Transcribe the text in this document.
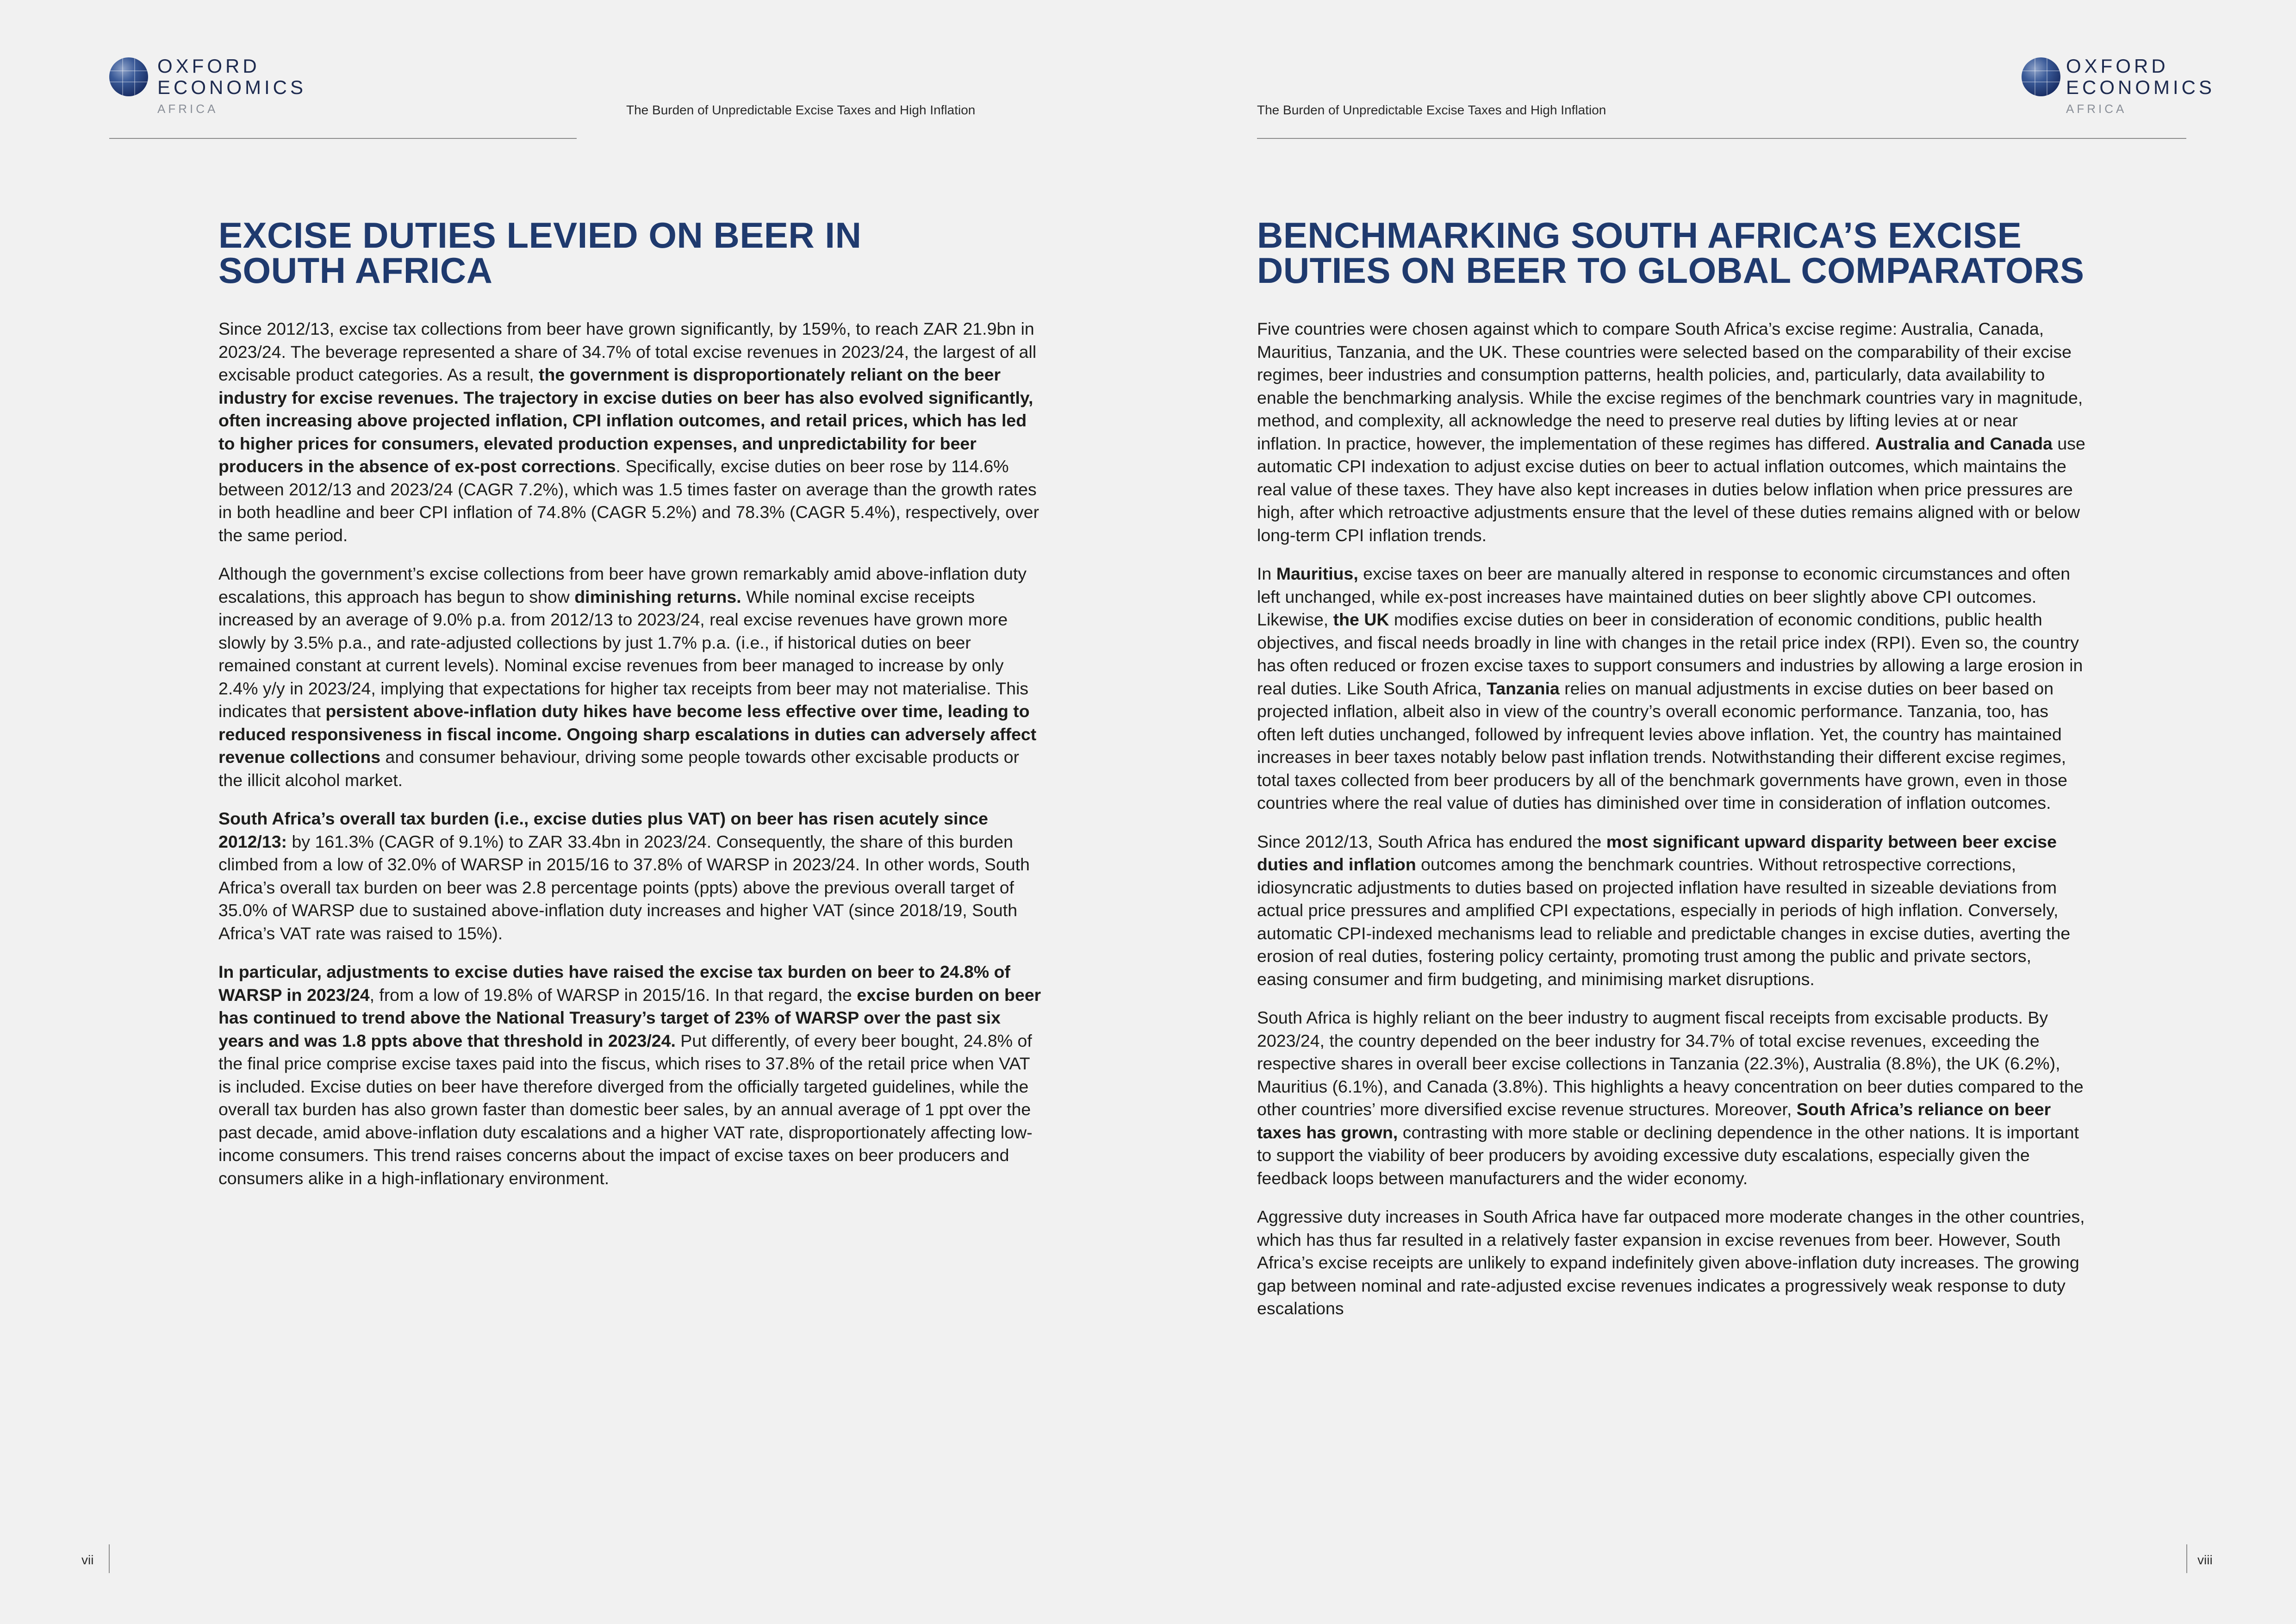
OXFORD
ECONOMICS
AFRICA	The Burden of Unpredictable Excise Taxes and High Inflation	The Burden of Unpredictable Excise Taxes and High Inflation
OXFORD
ECONOMICS
AFRICA
EXCISE DUTIES LEVIED ON BEER IN SOUTH AFRICA

Since 2012/13, excise tax collections from beer have grown significantly, by 159%, to reach ZAR 21.9bn in 2023/24. The beverage represented a share of 34.7% of total excise revenues in 2023/24, the largest of all excisable product categories. As a result, the government is disproportionately reliant on the beer industry for excise revenues. The trajectory in excise duties on beer has also evolved significantly, often increasing above projected inflation, CPI inflation outcomes, and retail prices, which has led to higher prices for consumers, elevated production expenses, and unpredictability for beer producers in the absence of ex-post corrections. Specifically, excise duties on beer rose by 114.6% between 2012/13 and 2023/24 (CAGR 7.2%), which was 1.5 times faster on average than the growth rates in both headline and beer CPI inflation of 74.8% (CAGR 5.2%) and 78.3% (CAGR 5.4%), respectively, over the same period.

Although the government’s excise collections from beer have grown remarkably amid above-inflation duty escalations, this approach has begun to show diminishing returns. While nominal excise receipts increased by an average of 9.0% p.a. from 2012/13 to 2023/24, real excise revenues have grown more slowly by 3.5% p.a., and rate-adjusted collections by just 1.7% p.a. (i.e., if historical duties on beer remained constant at current levels). Nominal excise revenues from beer managed to increase by only 2.4% y/y in 2023/24, implying that expectations for higher tax receipts from beer may not materialise. This indicates that persistent above-inflation duty hikes have become less effective over time, leading to reduced responsiveness in fiscal income. Ongoing sharp escalations in duties can adversely affect revenue collections and consumer behaviour, driving some people towards other excisable products or the illicit alcohol market.

South Africa’s overall tax burden (i.e., excise duties plus VAT) on beer has risen acutely since 2012/13: by 161.3% (CAGR of 9.1%) to ZAR 33.4bn in 2023/24. Consequently, the share of this burden climbed from a low of 32.0% of WARSP in 2015/16 to 37.8% of WARSP in 2023/24. In other words, South Africa’s overall tax burden on beer was 2.8 percentage points (ppts) above the previous overall target of 35.0% of WARSP due to sustained above-inflation duty increases and higher VAT (since 2018/19, South Africa’s VAT rate was raised to 15%).

In particular, adjustments to excise duties have raised the excise tax burden on beer to 24.8% of WARSP in 2023/24, from a low of 19.8% of WARSP in 2015/16. In that regard, the excise burden on beer has continued to trend above the National Treasury’s target of 23% of WARSP over the past six years and was 1.8 ppts above that threshold in 2023/24. Put differently, of every beer bought, 24.8% of the final price comprise excise taxes paid into the fiscus, which rises to 37.8% of the retail price when VAT is included. Excise duties on beer have therefore diverged from the officially targeted guidelines, while the overall tax burden has also grown faster than domestic beer sales, by an annual average of 1 ppt over the past decade, amid above-inflation duty escalations and a higher VAT rate, disproportionately affecting low-income consumers. This trend raises concerns about the impact of excise taxes on beer producers and consumers alike in a high-inflationary environment.

BENCHMARKING SOUTH AFRICA’S EXCISE DUTIES ON BEER TO GLOBAL COMPARATORS

Five countries were chosen against which to compare South Africa’s excise regime: Australia, Canada, Mauritius, Tanzania, and the UK. These countries were selected based on the comparability of their excise regimes, beer industries and consumption patterns, health policies, and, particularly, data availability to enable the benchmarking analysis. While the excise regimes of the benchmark countries vary in magnitude, method, and complexity, all acknowledge the need to preserve real duties by lifting levies at or near inflation. In practice, however, the implementation of these regimes has differed. Australia and Canada use automatic CPI indexation to adjust excise duties on beer to actual inflation outcomes, which maintains the real value of these taxes. They have also kept increases in duties below inflation when price pressures are high, after which retroactive adjustments ensure that the level of these duties remains aligned with or below long-term CPI inflation trends.

In Mauritius, excise taxes on beer are manually altered in response to economic circumstances and often left unchanged, while ex-post increases have maintained duties on beer slightly above CPI outcomes. Likewise, the UK modifies excise duties on beer in consideration of economic conditions, public health objectives, and fiscal needs broadly in line with changes in the retail price index (RPI). Even so, the country has often reduced or frozen excise taxes to support consumers and industries by allowing a large erosion in real duties. Like South Africa, Tanzania relies on manual adjustments in excise duties on beer based on projected inflation, albeit also in view of the country’s overall economic performance. Tanzania, too, has often left duties unchanged, followed by infrequent levies above inflation. Yet, the country has maintained increases in beer taxes notably below past inflation trends. Notwithstanding their different excise regimes, total taxes collected from beer producers by all of the benchmark governments have grown, even in those countries where the real value of duties has diminished over time in consideration of inflation outcomes.

Since 2012/13, South Africa has endured the most significant upward disparity between beer excise duties and inflation outcomes among the benchmark countries. Without retrospective corrections, idiosyncratic adjustments to duties based on projected inflation have resulted in sizeable deviations from actual price pressures and amplified CPI expectations, especially in periods of high inflation. Conversely, automatic CPI-indexed mechanisms lead to reliable and predictable changes in excise duties, averting the erosion of real duties, fostering policy certainty, promoting trust among the public and private sectors, easing consumer and firm budgeting, and minimising market disruptions.

South Africa is highly reliant on the beer industry to augment fiscal receipts from excisable products. By 2023/24, the country depended on the beer industry for 34.7% of total excise revenues, exceeding the respective shares in overall beer excise collections in Tanzania (22.3%), Australia (8.8%), the UK (6.2%), Mauritius (6.1%), and Canada (3.8%). This highlights a heavy concentration on beer duties compared to the other countries’ more diversified excise revenue structures. Moreover, South Africa’s reliance on beer taxes has grown, contrasting with more stable or declining dependence in the other nations. It is important to support the viability of beer producers by avoiding excessive duty escalations, especially given the feedback loops between manufacturers and the wider economy.

Aggressive duty increases in South Africa have far outpaced more moderate changes in the other countries, which has thus far resulted in a relatively faster expansion in excise revenues from beer. However, South Africa’s excise receipts are unlikely to expand indefinitely given above-inflation duty increases. The growing gap between nominal and rate-adjusted excise revenues indicates a progressively weak response to duty escalations

vii	viii
